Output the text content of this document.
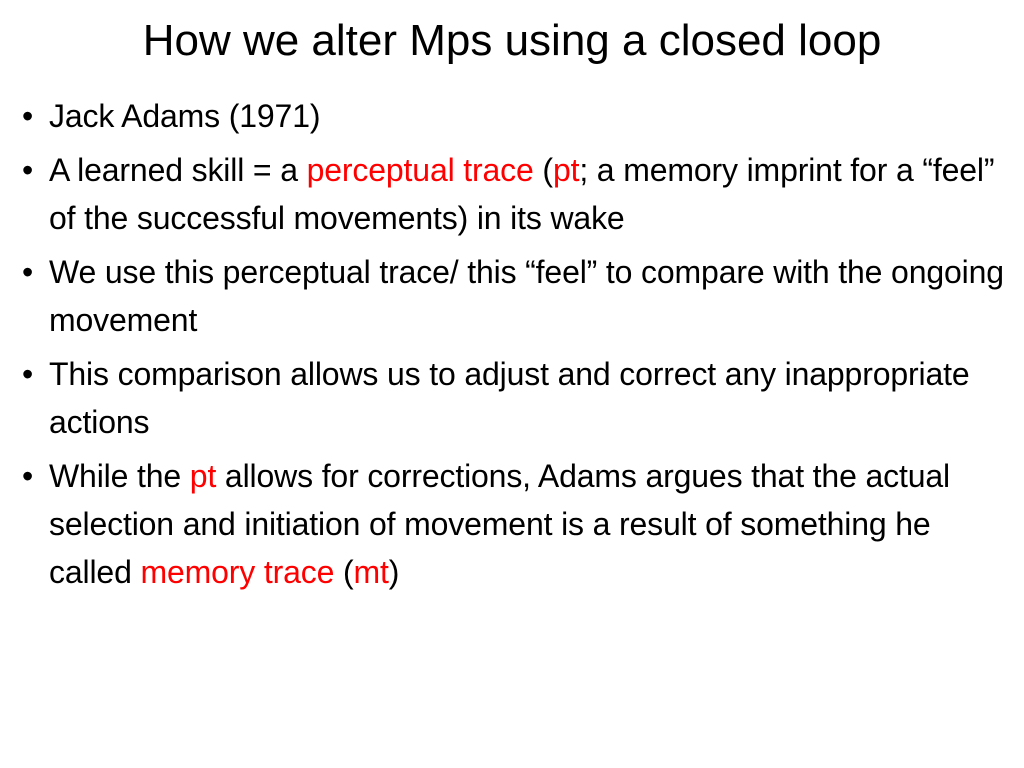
How we alter Mps using a closed loop
• Jack Adams (1971)
• A learned skill = a perceptual trace (pt; a memory imprint for a “feel” of the successful movements) in its wake
• We use this perceptual trace/ this “feel” to compare with the ongoing movement
• This comparison allows us to adjust and correct any inappropriate actions
• While the pt allows for corrections, Adams argues that the actual selection and initiation of movement is a result of something he called memory trace (mt)
